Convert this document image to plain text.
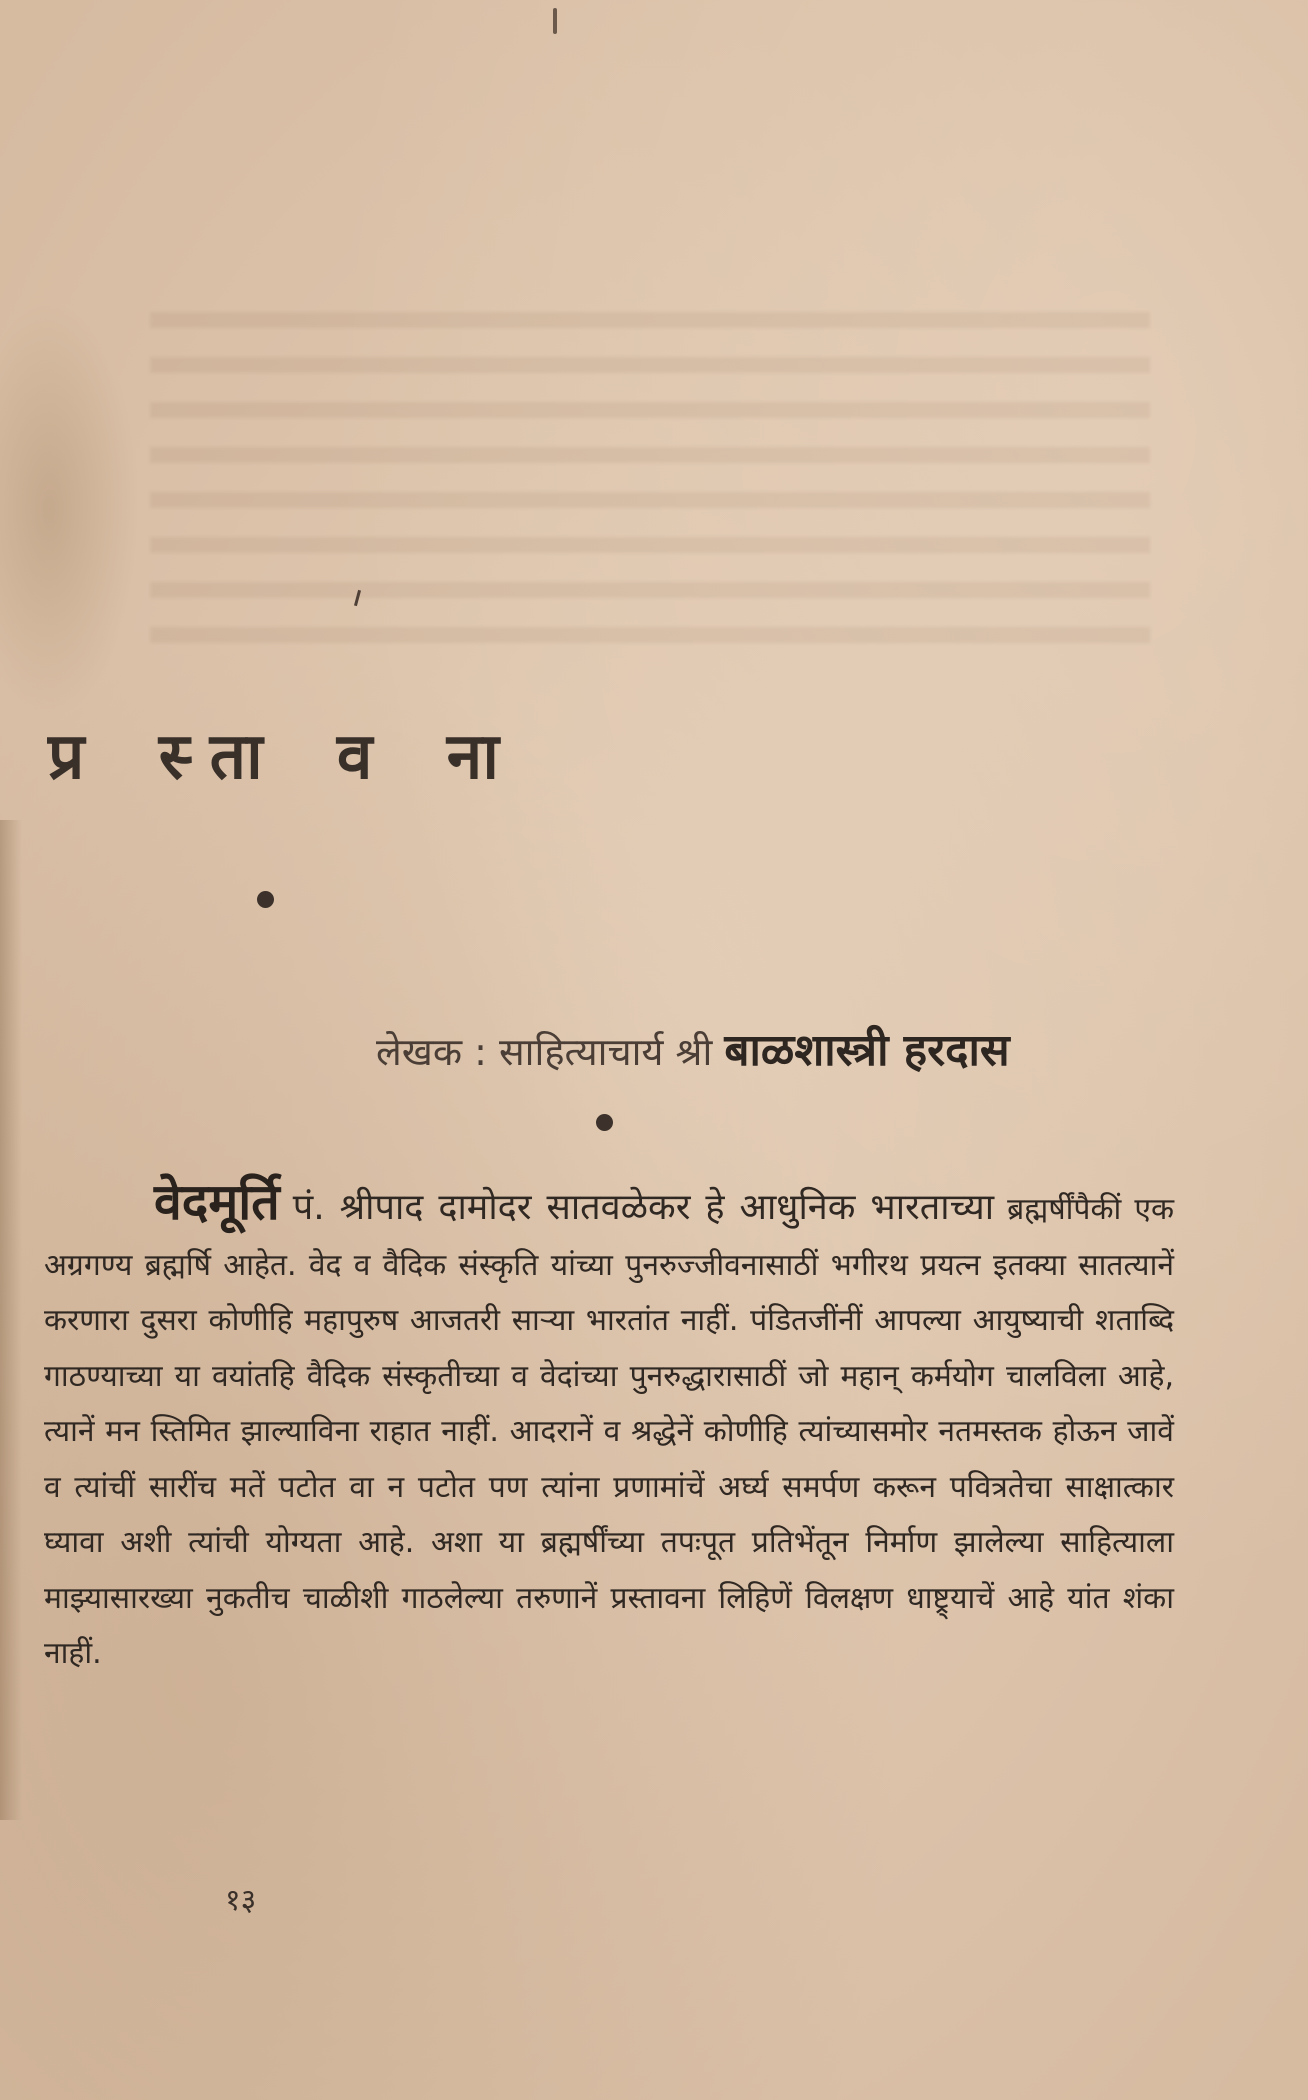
प्र स्ता व ना
लेखक : साहित्याचार्य श्री बाळशास्त्री हरदास

वेदमूर्ति पं. श्रीपाद दामोदर सातवळेकर हे आधुनिक भारताच्या ब्रह्मर्षींपैकीं एक अग्रगण्य ब्रह्मर्षि आहेत. वेद व वैदिक संस्कृति यांच्या पुनरुज्जीवनासाठीं भगीरथ प्रयत्न इतक्या सातत्यानें करणारा दुसरा कोणीहि महापुरुष आजतरी साऱ्या भारतांत नाहीं. पंडितजींनीं आपल्या आयुष्याची शताब्दि गाठण्याच्या या वयांतहि वैदिक संस्कृतीच्या व वेदांच्या पुनरुद्धारासाठीं जो महान् कर्मयोग चालविला आहे, त्यानें मन स्तिमित झाल्याविना राहात नाहीं. आदरानें व श्रद्धेनें कोणीहि त्यांच्यासमोर नतमस्तक होऊन जावें व त्यांचीं सारींच मतें पटोत वा न पटोत पण त्यांना प्रणामांचें अर्घ्य समर्पण करून पवित्रतेचा साक्षात्कार घ्यावा अशी त्यांची योग्यता आहे. अशा या ब्रह्मर्षींच्या तपःपूत प्रतिभेंतून निर्माण झालेल्या साहित्याला माझ्यासारख्या नुकतीच चाळीशी गाठलेल्या तरुणानें प्रस्तावना लिहिणें विलक्षण धाष्ट्र्याचें आहे यांत शंका नाहीं.

१३
